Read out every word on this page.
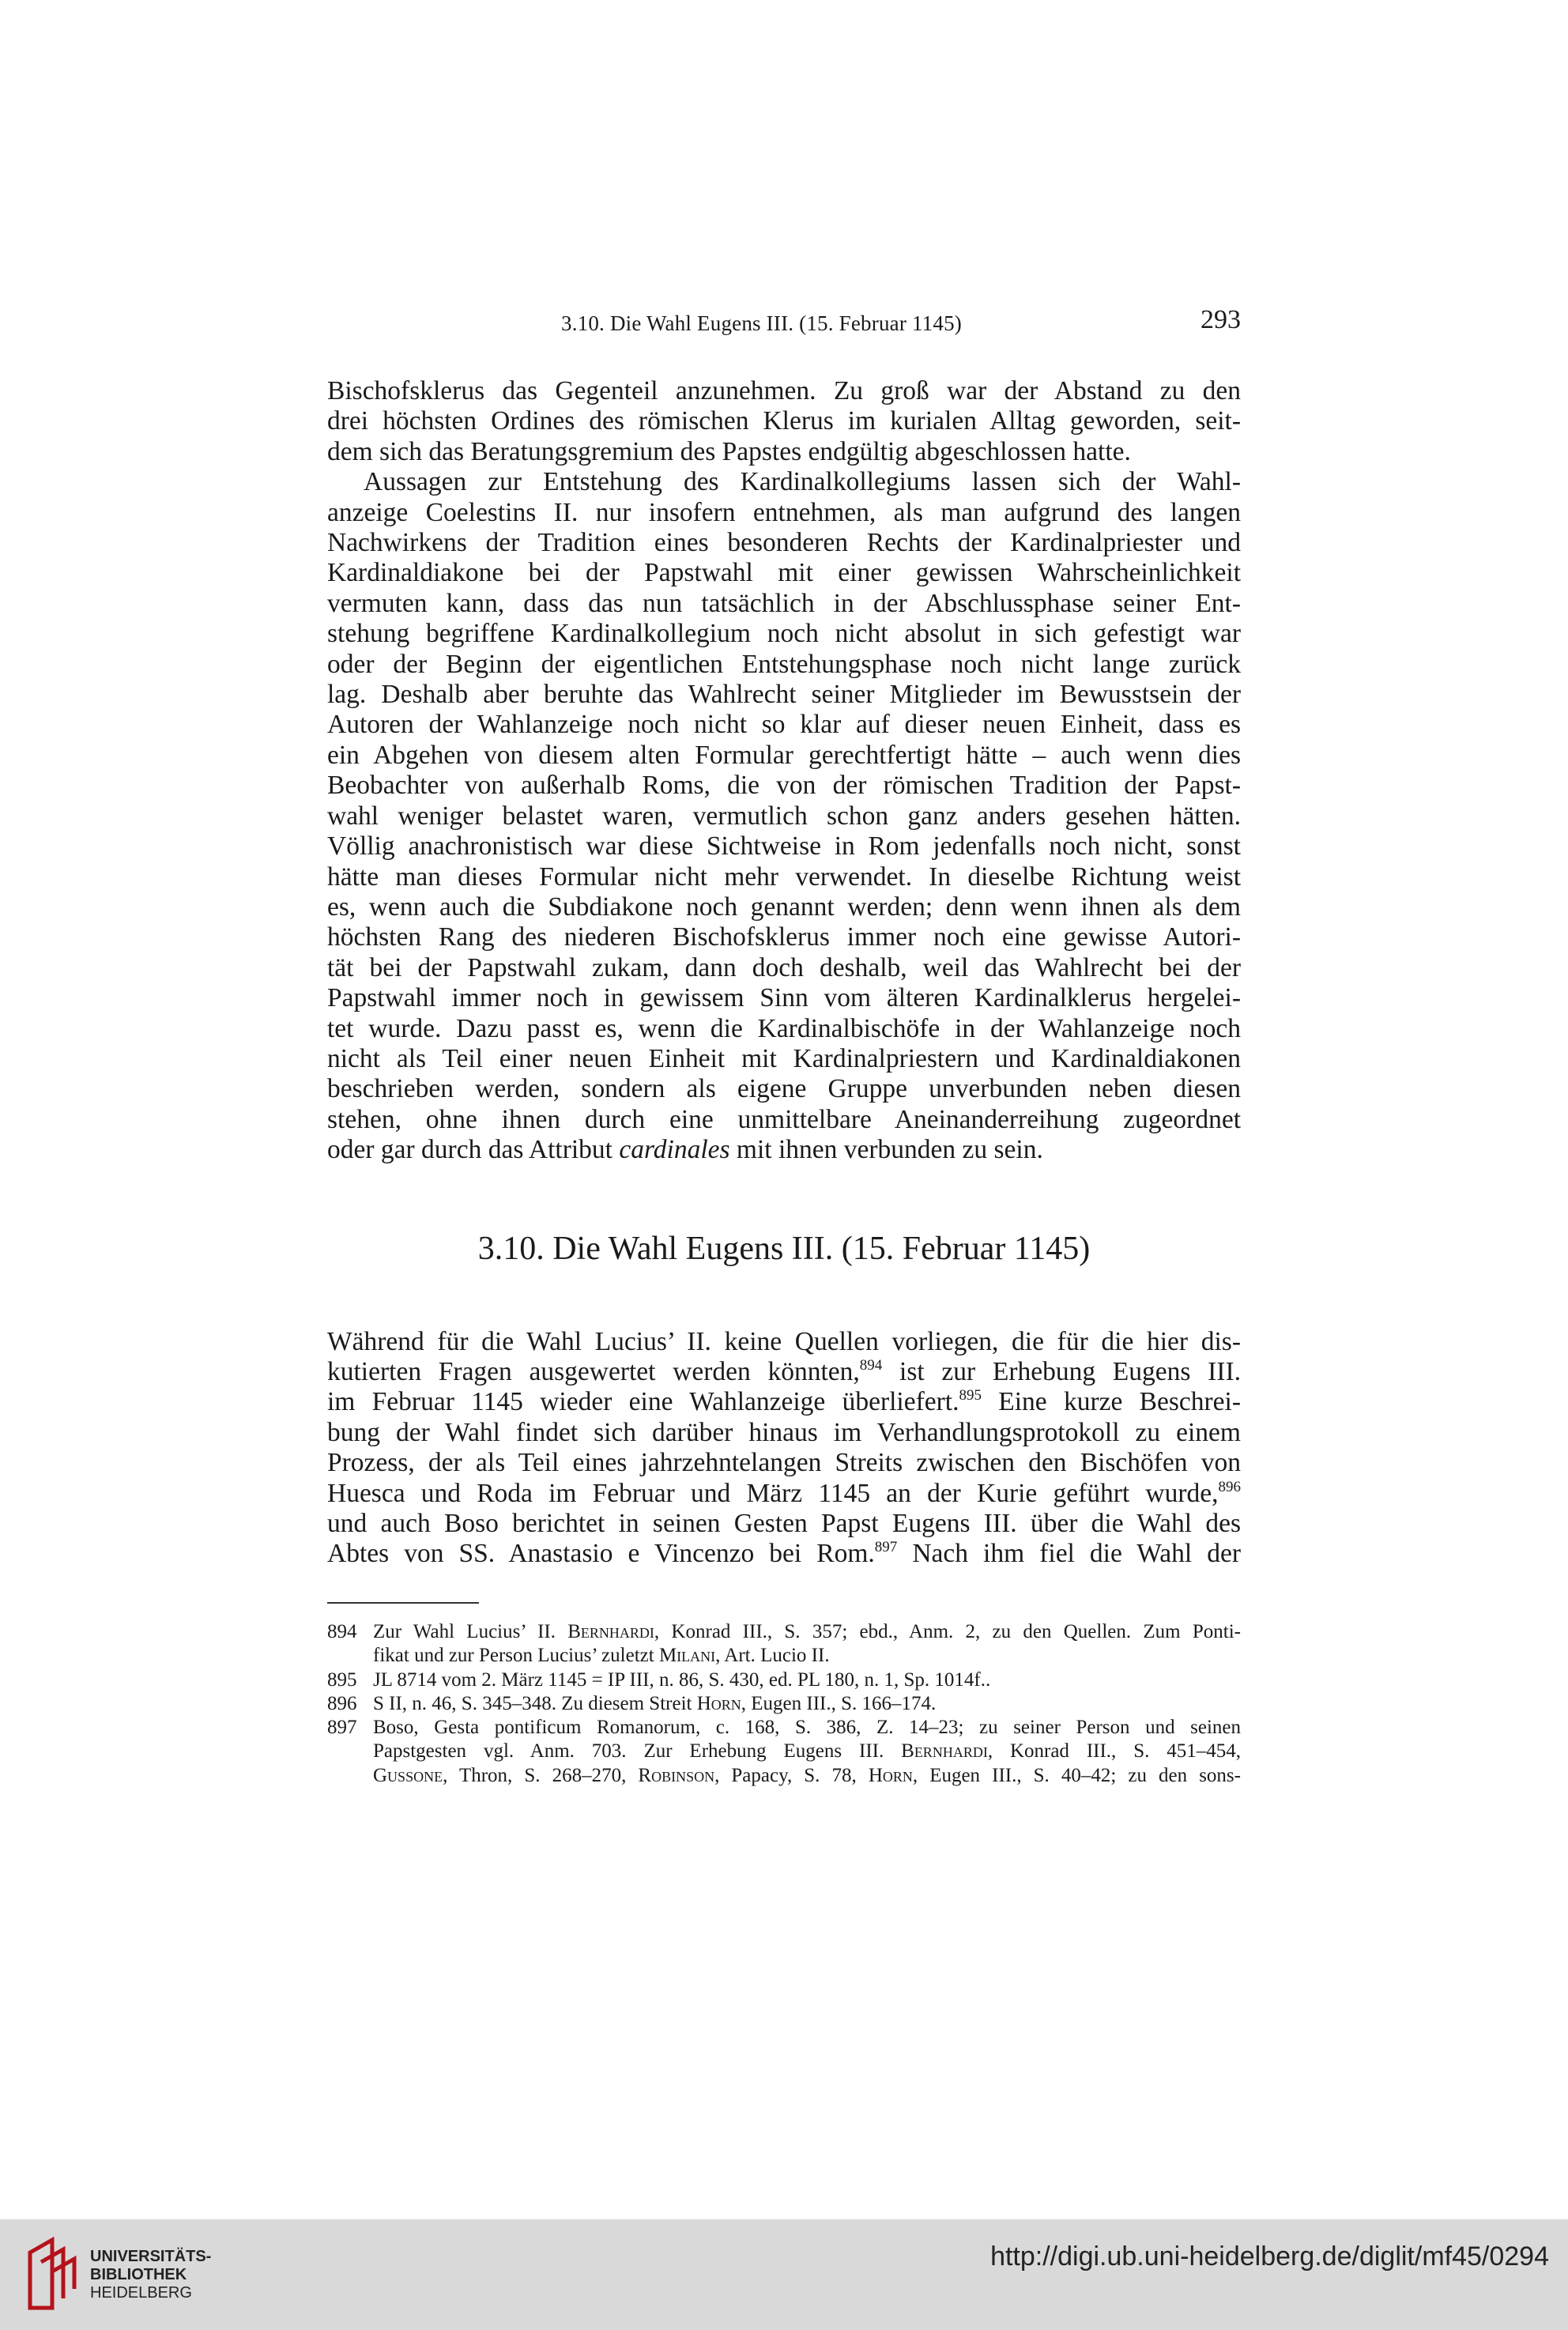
3.10. Die Wahl Eugens III. (15. Februar 1145)	293

Bischofsklerus das Gegenteil anzunehmen. Zu groß war der Abstand zu den
drei höchsten Ordines des römischen Klerus im kurialen Alltag geworden, seit-
dem sich das Beratungsgremium des Papstes endgültig abgeschlossen hatte.

Aussagen zur Entstehung des Kardinalkollegiums lassen sich der Wahl-
anzeige Coelestins II. nur insofern entnehmen, als man aufgrund des langen
Nachwirkens der Tradition eines besonderen Rechts der Kardinalpriester und
Kardinaldiakone bei der Papstwahl mit einer gewissen Wahrscheinlichkeit
vermuten kann, dass das nun tatsächlich in der Abschlussphase seiner Ent-
stehung begriffene Kardinalkollegium noch nicht absolut in sich gefestigt war
oder der Beginn der eigentlichen Entstehungsphase noch nicht lange zurück
lag. Deshalb aber beruhte das Wahlrecht seiner Mitglieder im Bewusstsein der
Autoren der Wahlanzeige noch nicht so klar auf dieser neuen Einheit, dass es
ein Abgehen von diesem alten Formular gerechtfertigt hätte – auch wenn dies
Beobachter von außerhalb Roms, die von der römischen Tradition der Papst-
wahl weniger belastet waren, vermutlich schon ganz anders gesehen hätten.
Völlig anachronistisch war diese Sichtweise in Rom jedenfalls noch nicht, sonst
hätte man dieses Formular nicht mehr verwendet. In dieselbe Richtung weist
es, wenn auch die Subdiakone noch genannt werden; denn wenn ihnen als dem
höchsten Rang des niederen Bischofsklerus immer noch eine gewisse Autori-
tät bei der Papstwahl zukam, dann doch deshalb, weil das Wahlrecht bei der
Papstwahl immer noch in gewissem Sinn vom älteren Kardinalklerus hergelei-
tet wurde. Dazu passt es, wenn die Kardinalbischöfe in der Wahlanzeige noch
nicht als Teil einer neuen Einheit mit Kardinalpriestern und Kardinaldiakonen
beschrieben werden, sondern als eigene Gruppe unverbunden neben diesen
stehen, ohne ihnen durch eine unmittelbare Aneinanderreihung zugeordnet
oder gar durch das Attribut cardinales mit ihnen verbunden zu sein.

3.10. Die Wahl Eugens III. (15. Februar 1145)

Während für die Wahl Lucius’ II. keine Quellen vorliegen, die für die hier dis-
kutierten Fragen ausgewertet werden könnten,$^{894}$ ist zur Erhebung Eugens III.
im Februar 1145 wieder eine Wahlanzeige überliefert.$^{895}$ Eine kurze Beschrei-
bung der Wahl findet sich darüber hinaus im Verhandlungsprotokoll zu einem
Prozess, der als Teil eines jahrzehntelangen Streits zwischen den Bischöfen von
Huesca und Roda im Februar und März 1145 an der Kurie geführt wurde,$^{896}$
und auch Boso berichtet in seinen Gesten Papst Eugens III. über die Wahl des
Abtes von SS. Anastasio e Vincenzo bei Rom.$^{897}$ Nach ihm fiel die Wahl der

894 Zur Wahl Lucius’ II. Bernhardi, Konrad III., S. 357; ebd., Anm. 2, zu den Quellen. Zum Ponti-
fikat und zur Person Lucius’ zuletzt Milani, Art. Lucio II.
895 JL 8714 vom 2. März 1145 = IP III, n. 86, S. 430, ed. PL 180, n. 1, Sp. 1014f..
896 S II, n. 46, S. 345–348. Zu diesem Streit Horn, Eugen III., S. 166–174.
897 Boso, Gesta pontificum Romanorum, c. 168, S. 386, Z. 14–23; zu seiner Person und seinen
Papstgesten vgl. Anm. 703. Zur Erhebung Eugens III. Bernhardi, Konrad III., S. 451–454,
Gussone, Thron, S. 268–270, Robinson, Papacy, S. 78, Horn, Eugen III., S. 40–42; zu den sons-
UNIVERSITÄTS-
BIBLIOTHEK
HEIDELBERG
http://digi.ub.uni-heidelberg.de/diglit/mf45/0294
